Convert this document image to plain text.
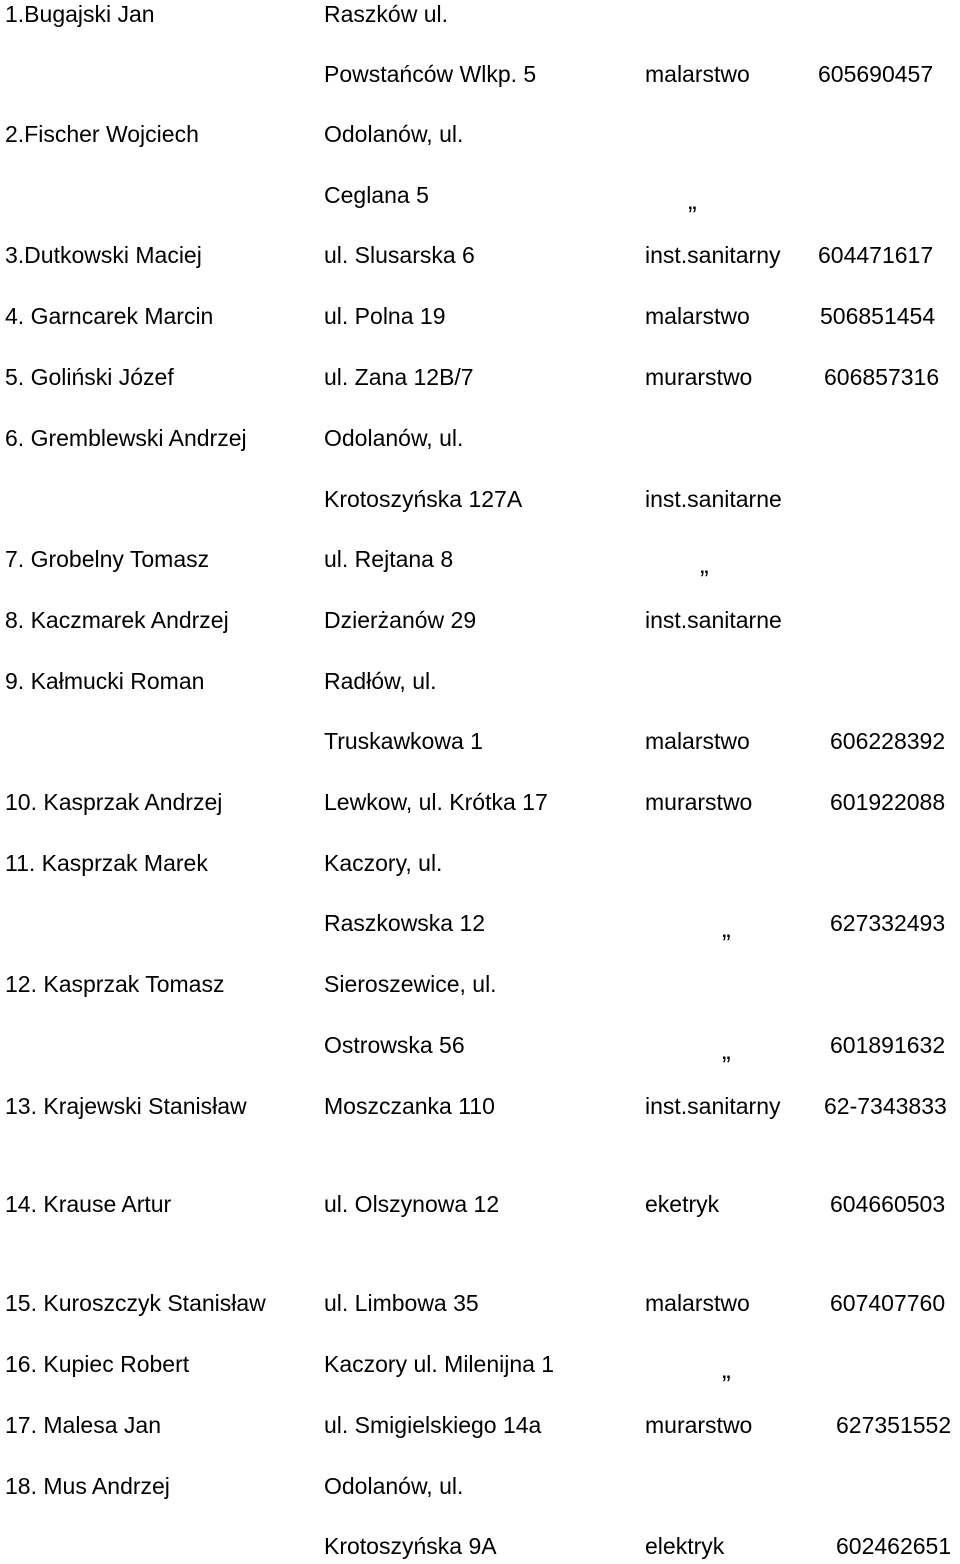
1.Bugajski Jan	Raszków ul.
Powstańców Wlkp. 5	malarstwo	605690457
2.Fischer Wojciech	Odolanów, ul.
Ceglana 5	„
3.Dutkowski Maciej	ul. Slusarska 6	inst.sanitarny 604471617
4. Garncarek Marcin	ul. Polna 19	malarstwo	506851454
5. Goliński Józef	ul. Zana 12B/7	murarstwo	606857316
6. Gremblewski Andrzej	Odolanów, ul.
Krotoszyńska 127A	inst.sanitarne
7. Grobelny Tomasz	ul. Rejtana 8	„
8. Kaczmarek Andrzej	Dzierżanów 29	inst.sanitarne
9. Kałmucki Roman	Radłów, ul.
Truskawkowa 1	malarstwo	606228392
10. Kasprzak Andrzej	Lewkow, ul. Krótka 17	murarstwo	601922088
11. Kasprzak Marek	Kaczory, ul.
Raszkowska 12	„	627332493
12. Kasprzak Tomasz	Sieroszewice, ul.
Ostrowska 56	„	601891632
13. Krajewski Stanisław	Moszczanka 110	inst.sanitarny 62-7343833
14. Krause Artur	ul. Olszynowa 12	eketryk	604660503
15. Kuroszczyk Stanisław	ul. Limbowa 35	malarstwo	607407760
16. Kupiec Robert	Kaczory ul. Milenijna 1	„
17. Malesa Jan	ul. Smigielskiego 14a	murarstwo	627351552
18. Mus Andrzej	Odolanów, ul.
Krotoszyńska 9A	elektryk	602462651
